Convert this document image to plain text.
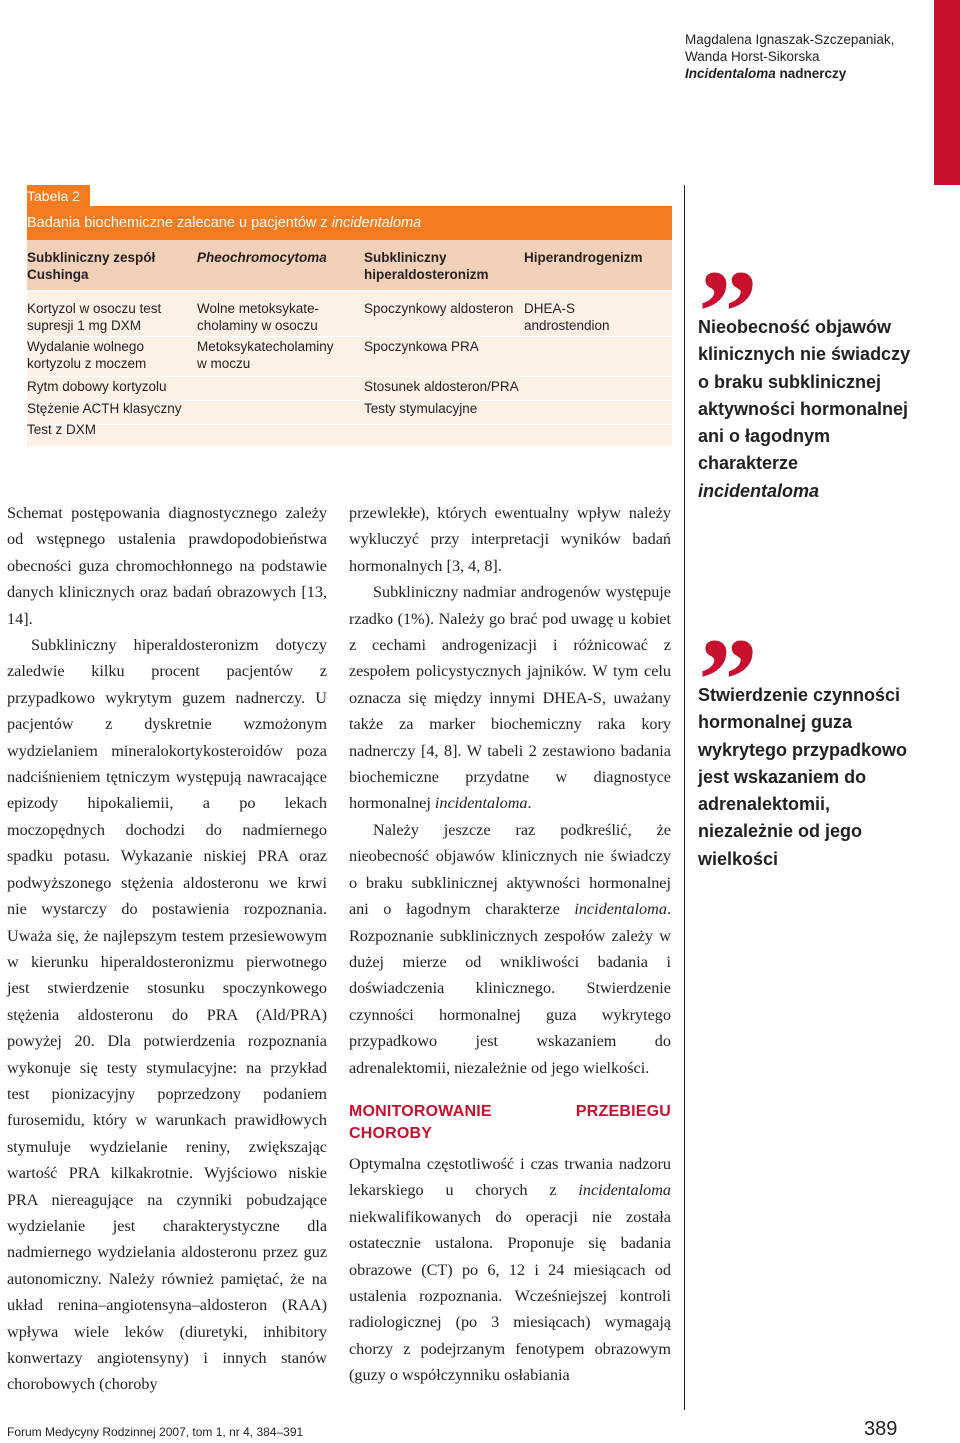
Magdalena Ignaszak-Szczepaniak,
Wanda Horst-Sikorska
Incidentaloma nadnerczy
Tabela 2
Badania biochemiczne zalecane u pacjentów z incidentaloma
Subkliniczny zespół
Cushinga
Pheochromocytoma	Subkliniczny
hiperaldosteronizm
Hiperandrogenizm
Kortyzol w osoczu test
supresji 1 mg DXM
Wydalanie wolnego
kortyzolu z moczem
Rytm dobowy kortyzolu
Stężenie ACTH klasyczny
Test z DXM
Wolne metoksykate-
cholaminy w osoczu
Metoksykatecholaminy
w moczu
Spoczynkowy aldosteron
Spoczynkowa PRA
Stosunek aldosteron/PRA
Testy stymulacyjne
DHEA-S
androstendion

Schemat postępowania diagnostycznego zależy od wstępnego ustalenia prawdopodobieństwa obecności guza chromochłonnego na podstawie danych klinicznych oraz badań obrazowych [13, 14].

Subkliniczny hiperaldosteronizm dotyczy zaledwie kilku procent pacjentów z przypadkowo wykrytym guzem nadnerczy. U pacjentów z dyskretnie wzmożonym wydzielaniem mineralokortykosteroidów poza nadciśnieniem tętniczym występują nawracające epizody hipokaliemii, a po lekach moczopędnych dochodzi do nadmiernego spadku potasu. Wykazanie niskiej PRA oraz podwyższonego stężenia aldosteronu we krwi nie wystarczy do postawienia rozpoznania. Uważa się, że najlepszym testem przesiewowym w kierunku hiperaldosteronizmu pierwotnego jest stwierdzenie stosunku spoczynkowego stężenia aldosteronu do PRA (Ald/PRA) powyżej 20. Dla potwierdzenia rozpoznania wykonuje się testy stymulacyjne: na przykład test pionizacyjny poprzedzony podaniem furosemidu, który w warunkach prawidłowych stymuluje wydzielanie reniny, zwiększając wartość PRA kilkakrotnie. Wyjściowo niskie PRA niereagujące na czynniki pobudzające wydzielanie jest charakterystyczne dla nadmiernego wydzielania aldosteronu przez guz autonomiczny. Należy również pamiętać, że na układ renina–angiotensyna–aldosteron (RAA) wpływa wiele leków (diuretyki, inhibitory konwertazy angiotensyny) i innych stanów chorobowych (choroby

przewlekłe), których ewentualny wpływ należy wykluczyć przy interpretacji wyników badań hormonalnych [3, 4, 8].

Subkliniczny nadmiar androgenów występuje rzadko (1%). Należy go brać pod uwagę u kobiet z cechami androgenizacji i różnicować z zespołem policystycznych jajników. W tym celu oznacza się między innymi DHEA-S, uważany także za marker biochemiczny raka kory nadnerczy [4, 8]. W tabeli 2 zestawiono badania biochemiczne przydatne w diagnostyce hormonalnej incidentaloma.

Należy jeszcze raz podkreślić, że nieobecność objawów klinicznych nie świadczy o braku subklinicznej aktywności hormonalnej ani o łagodnym charakterze incidentaloma. Rozpoznanie subklinicznych zespołów zależy w dużej mierze od wnikliwości badania i doświadczenia klinicznego. Stwierdzenie czynności hormonalnej guza wykrytego przypadkowo jest wskazaniem do adrenalektomii, niezależnie od jego wielkości.

MONITOROWANIE PRZEBIEGU CHOROBY

Optymalna częstotliwość i czas trwania nadzoru lekarskiego u chorych z incidentaloma niekwalifikowanych do operacji nie została ostatecznie ustalona. Proponuje się badania obrazowe (CT) po 6, 12 i 24 miesiącach od ustalenia rozpoznania. Wcześniejszej kontroli radiologicznej (po 3 miesiącach) wymagają chorzy z podejrzanym fenotypem obrazowym (guzy o współczynniku osłabiania

Nieobecność objawów klinicznych nie świadczy o braku subklinicznej aktywności hormonalnej ani o łagodnym charakterze incidentaloma
Stwierdzenie czynności hormonalnej guza wykrytego przypadkowo jest wskazaniem do adrenalektomii, niezależnie od jego wielkości
Forum Medycyny Rodzinnej 2007, tom 1, nr 4, 384–391	389
